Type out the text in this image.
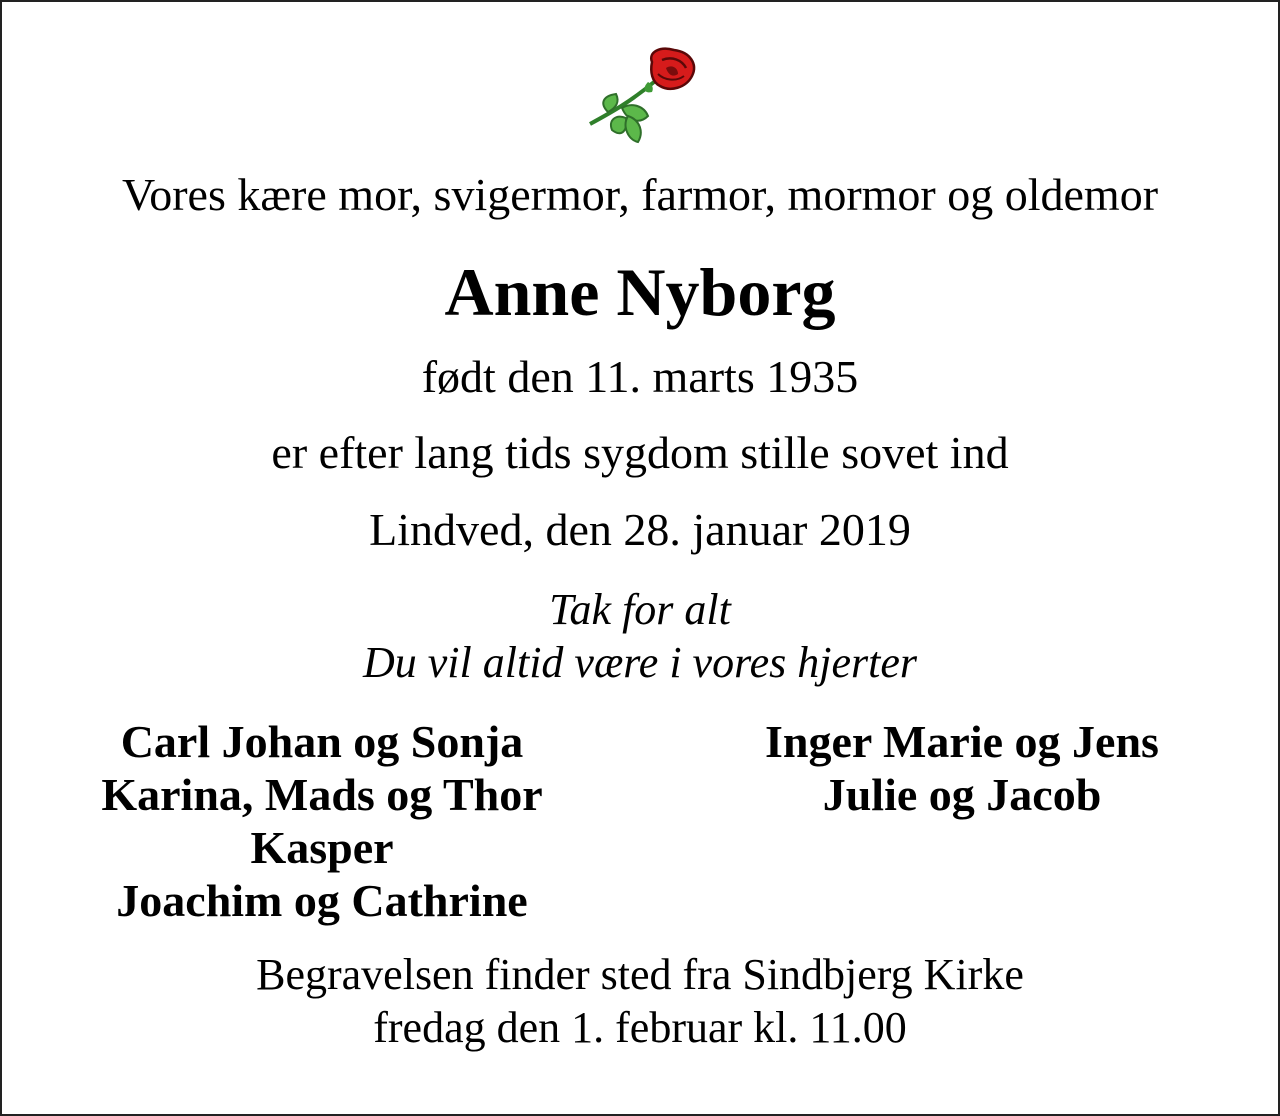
Vores kære mor, svigermor, farmor, mormor og oldemor
Anne Nyborg
født den 11. marts 1935
er efter lang tids sygdom stille sovet ind
Lindved, den 28. januar 2019
Tak for alt
Du vil altid være i vores hjerter
Carl Johan og Sonja
Karina, Mads og Thor
Kasper
Joachim og Cathrine
Inger Marie og Jens
Julie og Jacob
Begravelsen finder sted fra Sindbjerg Kirke
fredag den 1. februar kl. 11.00
